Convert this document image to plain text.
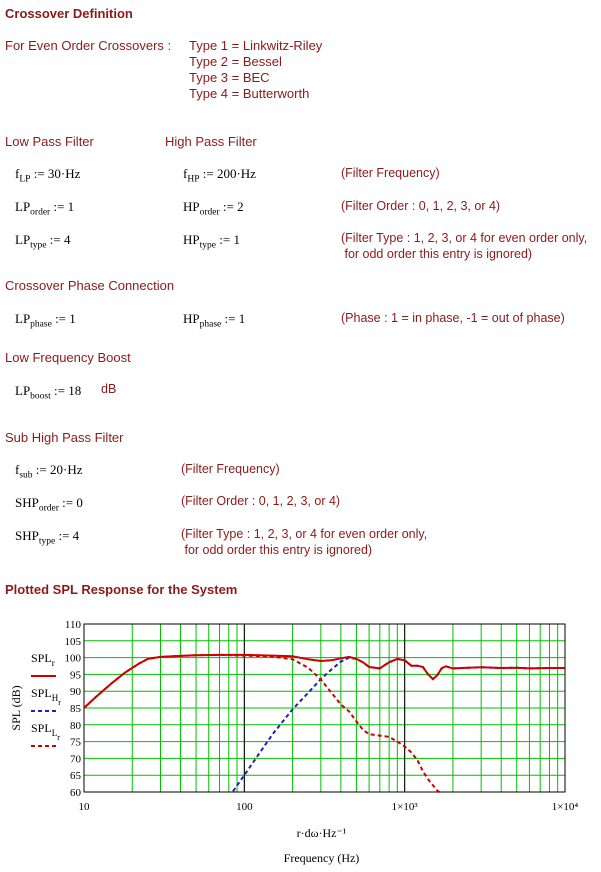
Crossover Definition
For Even Order Crossovers : Type 1 = Linkwitz-Riley
Type 2 = Bessel
Type 3 = BEC
Type 4 = Butterworth
Low Pass Filter	High Pass Filter
$f_{LP}$ := 30·Hz	$f_{HP}$ := 200·Hz	(Filter Frequency)
$LP_{order}$ := 1	$HP_{order}$ := 2	(Filter Order : 0, 1, 2, 3, or 4)
$LP_{type}$ := 4	$HP_{type}$ := 1	(Filter Type : 1, 2, 3, or 4 for even order only,
for odd order this entry is ignored)
Crossover Phase Connection
$LP_{phase}$ := 1	$HP_{phase}$ := 1	(Phase : 1 = in phase, -1 = out of phase)
Low Frequency Boost
$LP_{boost}$ := 18 dB
Sub High Pass Filter
$f_{sub}$ := 20·Hz	(Filter Frequency)
$SHP_{order}$ := 0	(Filter Order : 0, 1, 2, 3, or 4)
$SHP_{type}$ := 4	(Filter Type : 1, 2, 3, or 4 for even order only,
for odd order this entry is ignored)
Plotted SPL Response for the System
60
65
70
75
80
85
90
95
100
105
110
10	100	1×10³	1×10⁴
$SPL_r$
$SPL_{Hr}$
$SPL_{Lr}$
SPL (dB)
r·dω·Hz⁻¹
Frequency (Hz)
